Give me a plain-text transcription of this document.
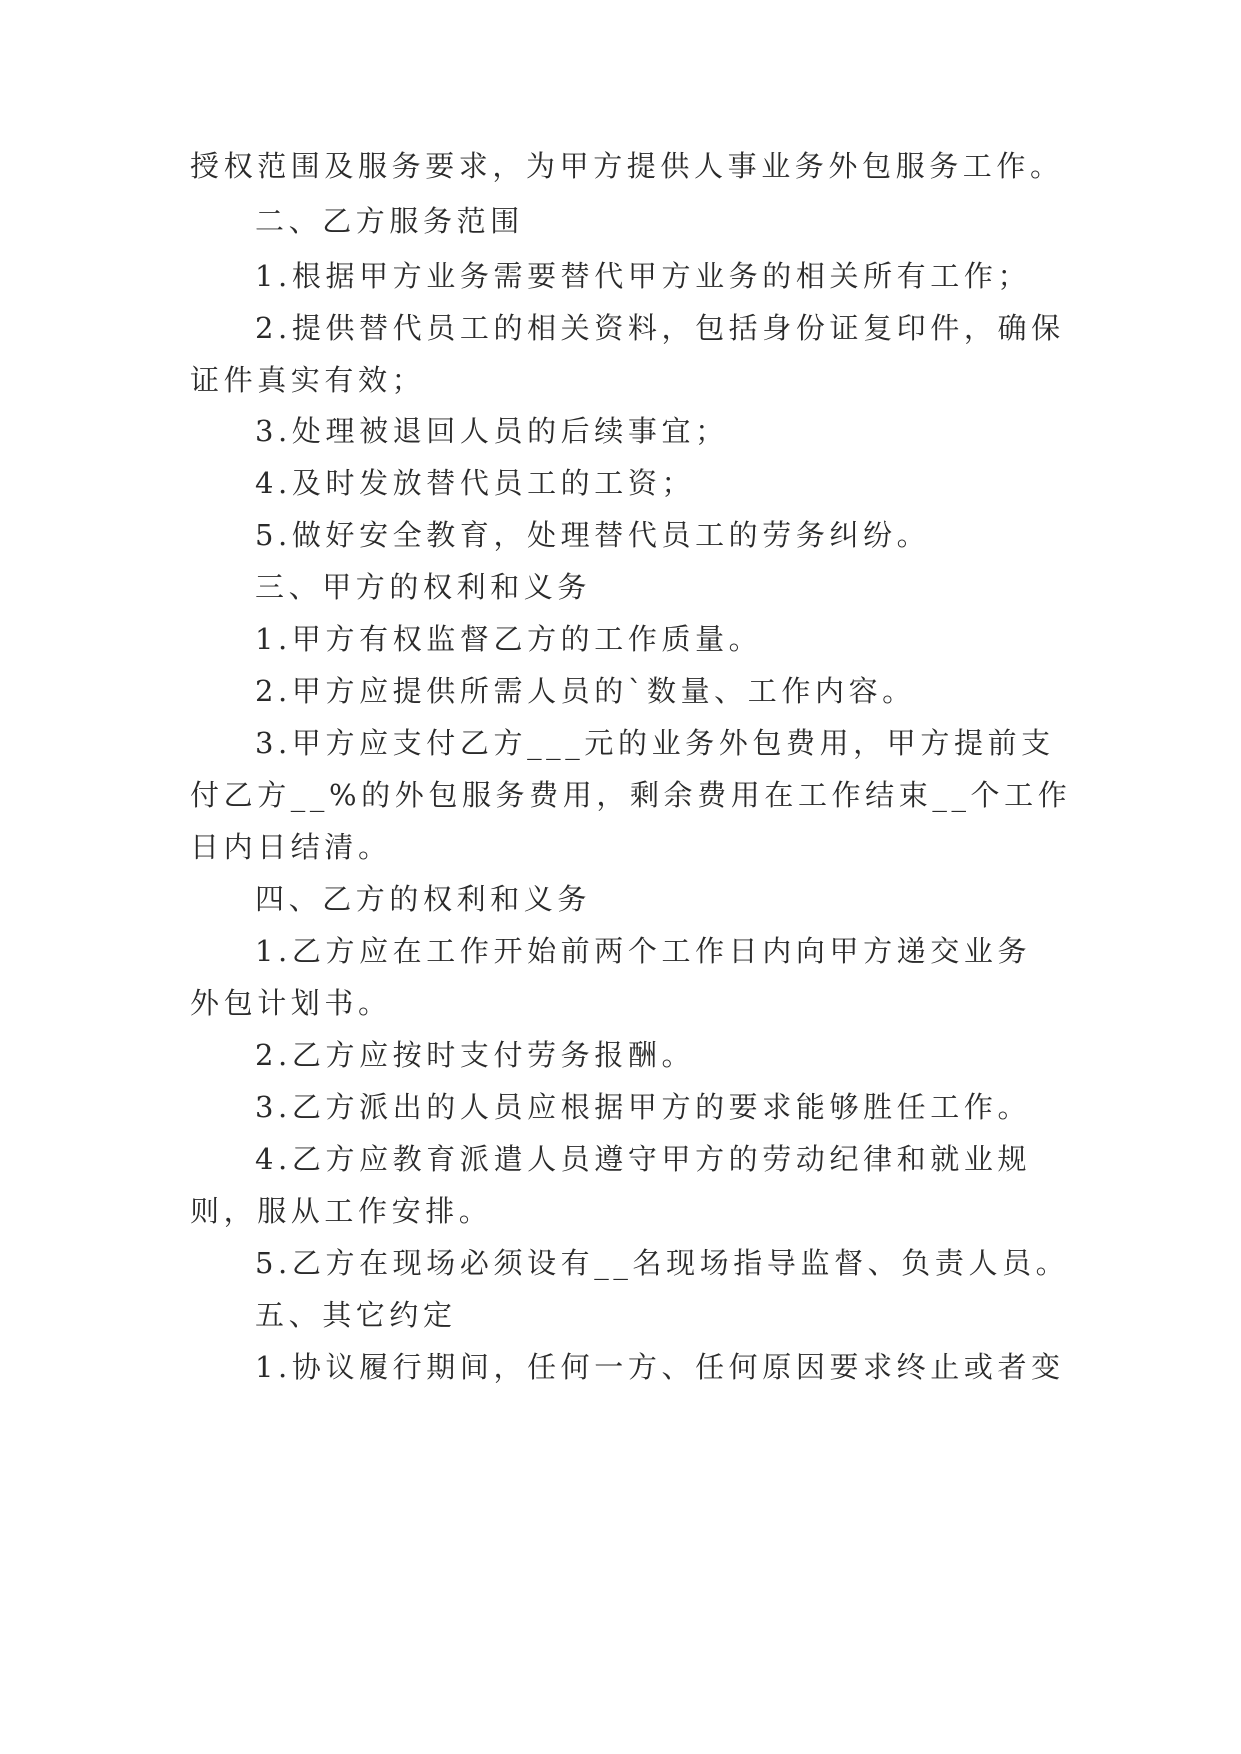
授权范围及服务要求，为甲方提供人事业务外包服务工作。

二、乙方服务范围

1.根据甲方业务需要替代甲方业务的相关所有工作；

2.提供替代员工的相关资料，包括身份证复印件，确保

证件真实有效；

3.处理被退回人员的后续事宜；

4.及时发放替代员工的工资；

5.做好安全教育，处理替代员工的劳务纠纷。

三、甲方的权利和义务

1.甲方有权监督乙方的工作质量。

2.甲方应提供所需人员的`数量、工作内容。

3.甲方应支付乙方___元的业务外包费用，甲方提前支

付乙方__%的外包服务费用，剩余费用在工作结束__个工作

日内日结清。

四、乙方的权利和义务

1.乙方应在工作开始前两个工作日内向甲方递交业务

外包计划书。

2.乙方应按时支付劳务报酬。

3.乙方派出的人员应根据甲方的要求能够胜任工作。

4.乙方应教育派遣人员遵守甲方的劳动纪律和就业规

则，服从工作安排。

5.乙方在现场必须设有__名现场指导监督、负责人员。

五、其它约定

1.协议履行期间，任何一方、任何原因要求终止或者变
